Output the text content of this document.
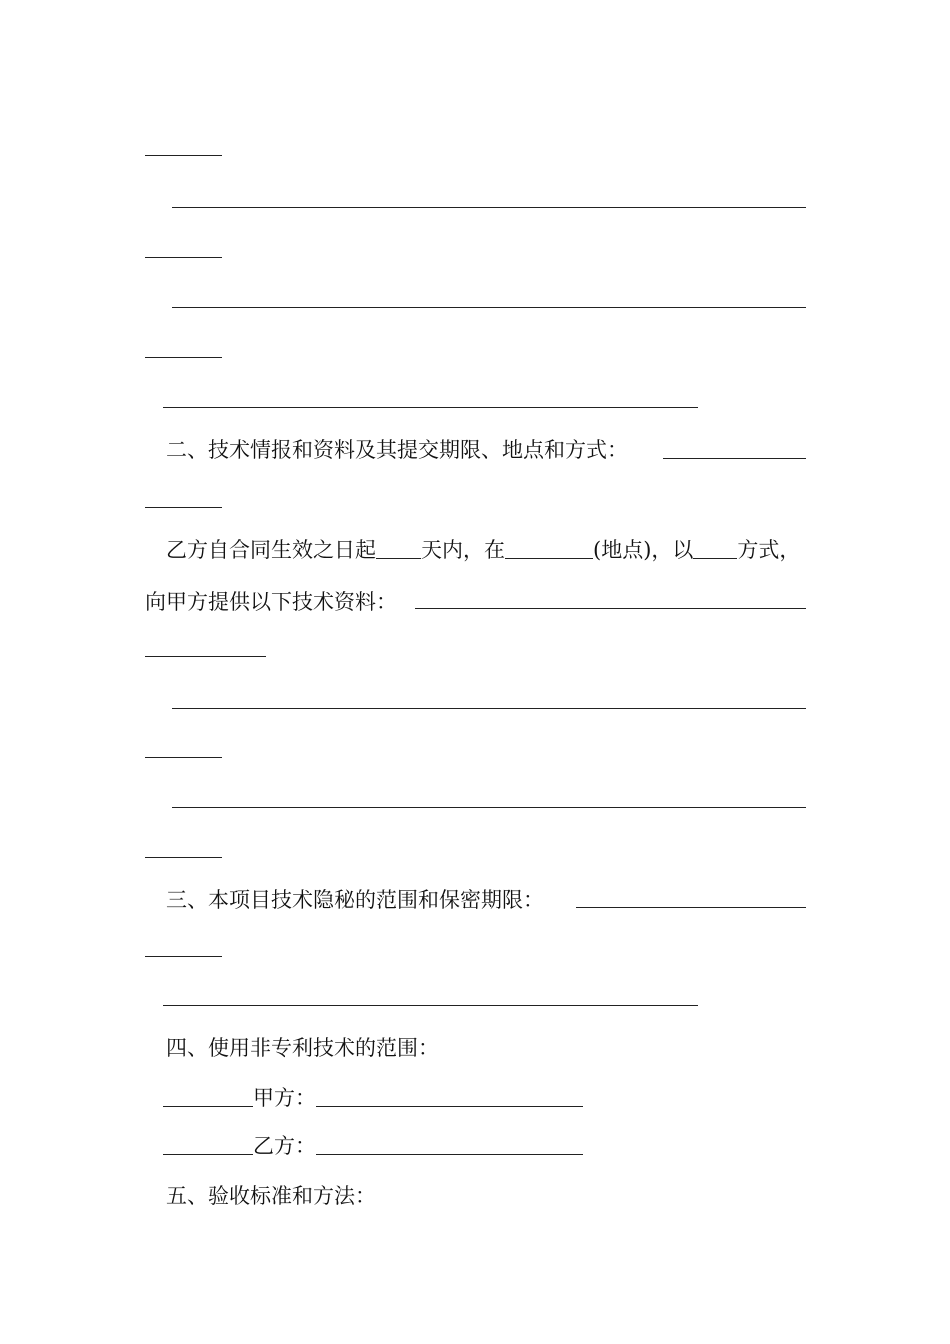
二、技术情报和资料及其提交期限、地点和方式：
乙方自合同生效之日起 天内，在	(地点)，以 方式，
向甲方提供以下技术资料：
三、本项目技术隐秘的范围和保密期限：
四、使用非专利技术的范围：
甲方：
乙方：
五、验收标准和方法：
